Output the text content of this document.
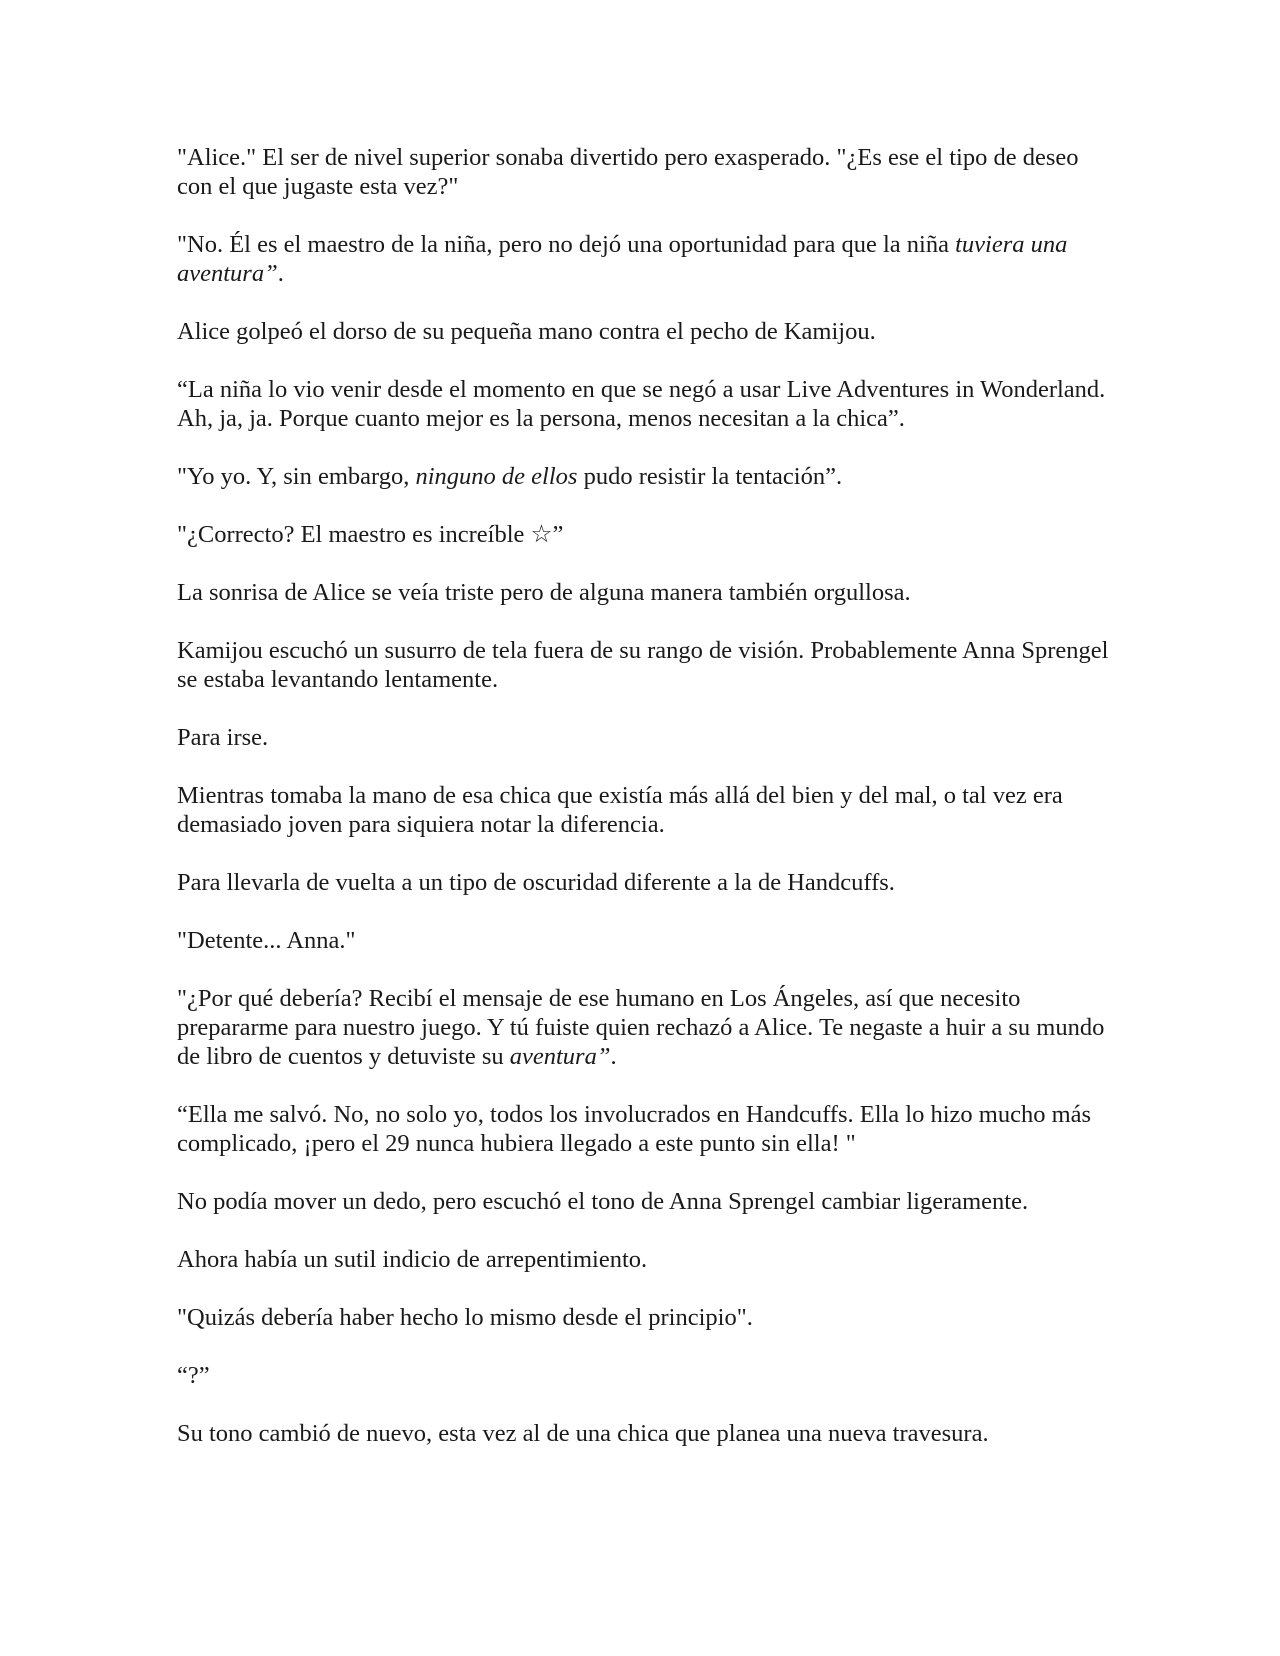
"Alice." El ser de nivel superior sonaba divertido pero exasperado. "¿Es ese el tipo de deseo con el que jugaste esta vez?"

"No. Él es el maestro de la niña, pero no dejó una oportunidad para que la niña tuviera una aventura”.

Alice golpeó el dorso de su pequeña mano contra el pecho de Kamijou.

“La niña lo vio venir desde el momento en que se negó a usar Live Adventures in Wonderland. Ah, ja, ja. Porque cuanto mejor es la persona, menos necesitan a la chica”.

"Yo yo. Y, sin embargo, ninguno de ellos pudo resistir la tentación”.

"¿Correcto? El maestro es increíble ☆”

La sonrisa de Alice se veía triste pero de alguna manera también orgullosa.

Kamijou escuchó un susurro de tela fuera de su rango de visión. Probablemente Anna Sprengel se estaba levantando lentamente.

Para irse.

Mientras tomaba la mano de esa chica que existía más allá del bien y del mal, o tal vez era demasiado joven para siquiera notar la diferencia.

Para llevarla de vuelta a un tipo de oscuridad diferente a la de Handcuffs.

"Detente... Anna."

"¿Por qué debería? Recibí el mensaje de ese humano en Los Ángeles, así que necesito prepararme para nuestro juego. Y tú fuiste quien rechazó a Alice. Te negaste a huir a su mundo de libro de cuentos y detuviste su aventura”.

“Ella me salvó. No, no solo yo, todos los involucrados en Handcuffs. Ella lo hizo mucho más complicado, ¡pero el 29 nunca hubiera llegado a este punto sin ella! "

No podía mover un dedo, pero escuchó el tono de Anna Sprengel cambiar ligeramente.

Ahora había un sutil indicio de arrepentimiento.

"Quizás debería haber hecho lo mismo desde el principio".

“?”

Su tono cambió de nuevo, esta vez al de una chica que planea una nueva travesura.
